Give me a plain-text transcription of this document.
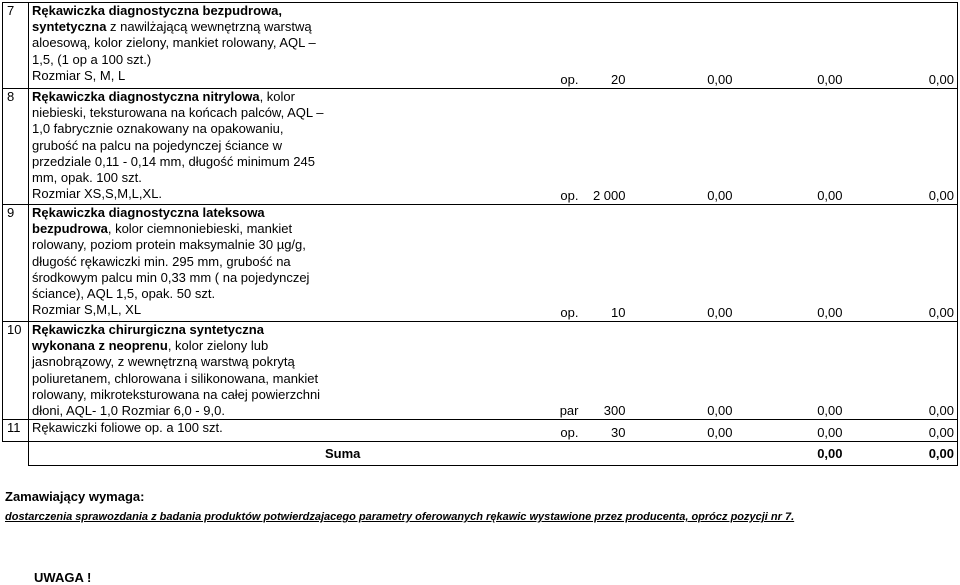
7	Rękawiczka diagnostyczna bezpudrowa, syntetyczna z nawilżającą wewnętrzną warstwą aloesową, kolor zielony, mankiet rolowany, AQL – 1,5, (1 op a 100 szt.)
Rozmiar S, M, L	op.	20	0,00	0,00	0,00
8	Rękawiczka diagnostyczna nitrylowa, kolor niebieski, teksturowana na końcach palców, AQL – 1,0 fabrycznie oznakowany na opakowaniu, grubość na palcu na pojedynczej ściance w przedziale 0,11 - 0,14 mm, długość minimum 245 mm, opak. 100 szt.
Rozmiar XS,S,M,L,XL.	op.	2 000	0,00	0,00	0,00
9	Rękawiczka diagnostyczna lateksowa bezpudrowa, kolor ciemnoniebieski, mankiet rolowany, poziom protein maksymalnie 30 µg/g, długość rękawiczki min. 295 mm, grubość na środkowym palcu min 0,33 mm ( na pojedynczej ściance), AQL 1,5, opak. 50 szt.
Rozmiar S,M,L, XL	op.	10	0,00	0,00	0,00
10	Rękawiczka chirurgiczna syntetyczna wykonana z neoprenu, kolor zielony lub jasnobrązowy, z wewnętrzną warstwą pokrytą poliuretanem, chlorowana i silikonowana, mankiet rolowany, mikroteksturowana na całej powierzchni dłoni, AQL- 1,0 Rozmiar 6,0 - 9,0.	par	300	0,00	0,00	0,00
11	Rękawiczki foliowe op. a 100 szt.	op.	30	0,00	0,00	0,00
	Suma				0,00	0,00
Zamawiający wymaga:
dostarczenia sprawozdania z badania produktów potwierdzajacego parametry oferowanych rękawic wystawione przez producenta, oprócz pozycji nr 7.
UWAGA !
